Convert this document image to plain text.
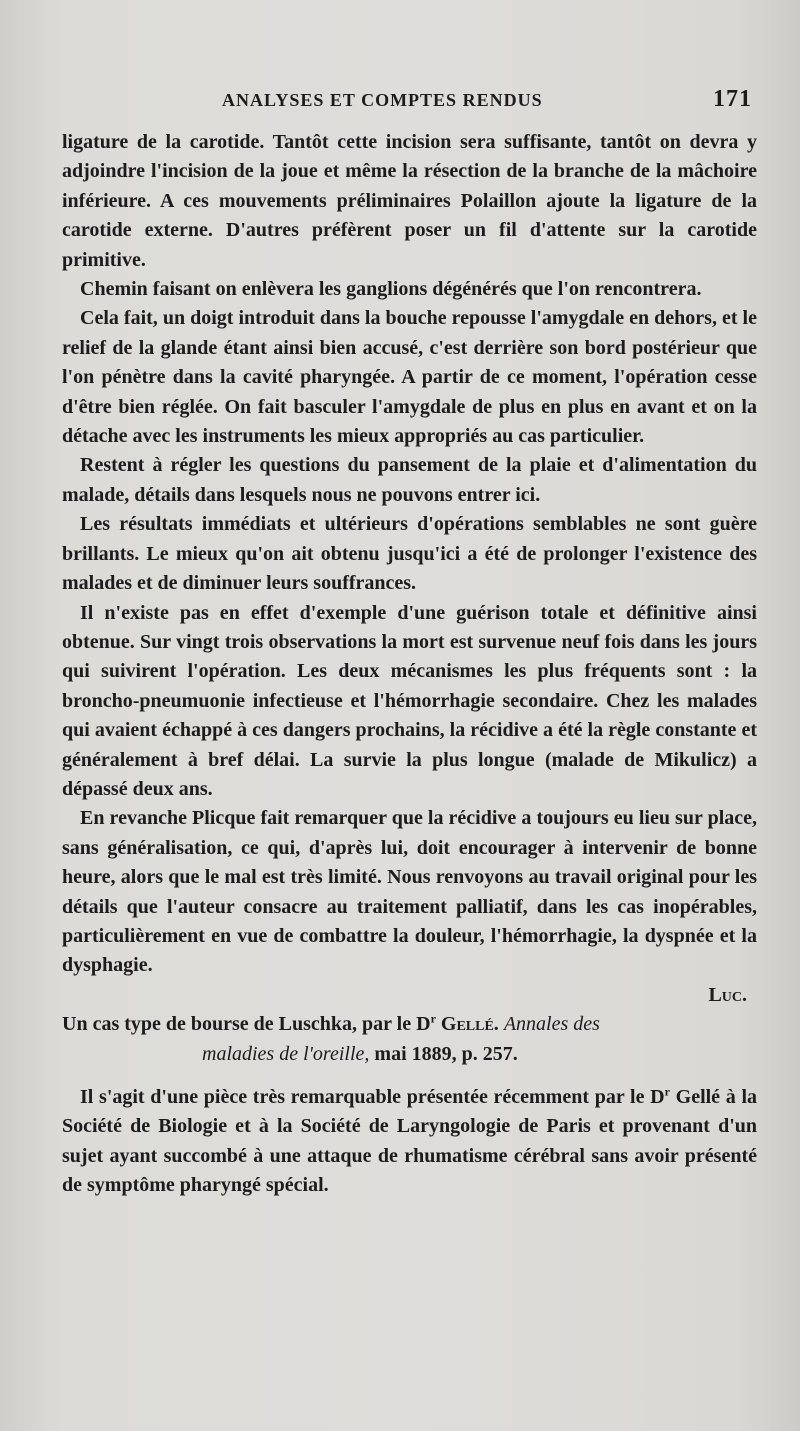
ANALYSES ET COMPTES RENDUS	171

ligature de la carotide. Tantôt cette incision sera suffisante, tantôt on devra y adjoindre l'incision de la joue et même la résection de la branche de la mâchoire inférieure. A ces mouvements préliminaires Polaillon ajoute la ligature de la carotide externe. D'autres préfèrent poser un fil d'attente sur la carotide primitive.

Chemin faisant on enlèvera les ganglions dégénérés que l'on rencontrera.

Cela fait, un doigt introduit dans la bouche repousse l'amygdale en dehors, et le relief de la glande étant ainsi bien accusé, c'est derrière son bord postérieur que l'on pénètre dans la cavité pharyngée. A partir de ce moment, l'opération cesse d'être bien réglée. On fait basculer l'amygdale de plus en plus en avant et on la détache avec les instruments les mieux appropriés au cas particulier.

Restent à régler les questions du pansement de la plaie et d'alimentation du malade, détails dans lesquels nous ne pouvons entrer ici.

Les résultats immédiats et ultérieurs d'opérations semblables ne sont guère brillants. Le mieux qu'on ait obtenu jusqu'ici a été de prolonger l'existence des malades et de diminuer leurs souffrances.

Il n'existe pas en effet d'exemple d'une guérison totale et définitive ainsi obtenue. Sur vingt trois observations la mort est survenue neuf fois dans les jours qui suivirent l'opération. Les deux mécanismes les plus fréquents sont : la broncho-pneumuonie infectieuse et l'hémorrhagie secondaire. Chez les malades qui avaient échappé à ces dangers prochains, la récidive a été la règle constante et généralement à bref délai. La survie la plus longue (malade de Mikulicz) a dépassé deux ans.

En revanche Plicque fait remarquer que la récidive a toujours eu lieu sur place, sans généralisation, ce qui, d'après lui, doit encourager à intervenir de bonne heure, alors que le mal est très limité. Nous renvoyons au travail original pour les détails que l'auteur consacre au traitement palliatif, dans les cas inopérables, particulièrement en vue de combattre la douleur, l'hémorrhagie, la dyspnée et la dysphagie.

Luc.

Un cas type de bourse de Luschka, par le $D^r$ Gellé. Annales des
maladies de l'oreille, mai 1889, p. 257.

Il s'agit d'une pièce très remarquable présentée récemment par le $D^r$ Gellé à la Société de Biologie et à la Société de Laryngologie de Paris et provenant d'un sujet ayant succombé à une attaque de rhumatisme cérébral sans avoir présenté de symptôme pharyngé spécial.
